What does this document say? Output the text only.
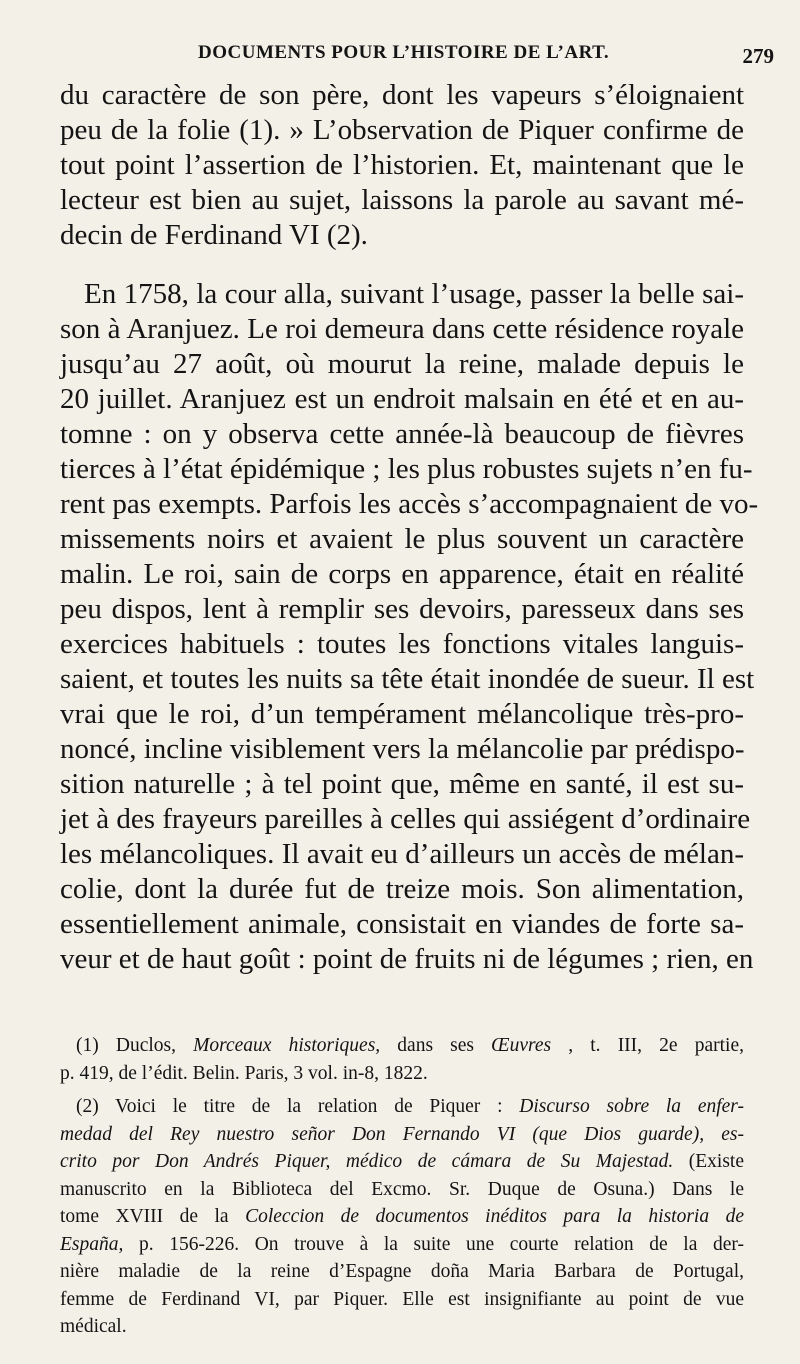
DOCUMENTS POUR L’HISTOIRE DE L’ART.	279
du caractère de son père, dont les vapeurs s’éloignaient
peu de la folie (1). » L’observation de Piquer confirme de
tout point l’assertion de l’historien. Et, maintenant que le
lecteur est bien au sujet, laissons la parole au savant mé-
decin de Ferdinand VI (2).
En 1758, la cour alla, suivant l’usage, passer la belle sai-
son à Aranjuez. Le roi demeura dans cette résidence royale
jusqu’au 27 août, où mourut la reine, malade depuis le
20 juillet. Aranjuez est un endroit malsain en été et en au-
tomne : on y observa cette année-là beaucoup de fièvres
tierces à l’état épidémique ; les plus robustes sujets n’en fu-
rent pas exempts. Parfois les accès s’accompagnaient de vo-
missements noirs et avaient le plus souvent un caractère
malin. Le roi, sain de corps en apparence, était en réalité
peu dispos, lent à remplir ses devoirs, paresseux dans ses
exercices habituels : toutes les fonctions vitales languis-
saient, et toutes les nuits sa tête était inondée de sueur. Il est
vrai que le roi, d’un tempérament mélancolique très-pro-
noncé, incline visiblement vers la mélancolie par prédispo-
sition naturelle ; à tel point que, même en santé, il est su-
jet à des frayeurs pareilles à celles qui assiégent d’ordinaire
les mélancoliques. Il avait eu d’ailleurs un accès de mélan-
colie, dont la durée fut de treize mois. Son alimentation,
essentiellement animale, consistait en viandes de forte sa-
veur et de haut goût : point de fruits ni de légumes ; rien, en
(1) Duclos, Morceaux historiques, dans ses Œuvres , t. III, 2e partie,
p. 419, de l’édit. Belin. Paris, 3 vol. in-8, 1822.
(2) Voici le titre de la relation de Piquer : Discurso sobre la enfer-
medad del Rey nuestro señor Don Fernando VI (que Dios guarde), es-
crito por Don Andrés Piquer, médico de cámara de Su Majestad. (Existe
manuscrito en la Biblioteca del Excmo. Sr. Duque de Osuna.) Dans le
tome XVIII de la Coleccion de documentos inéditos para la historia de
España, p. 156-226. On trouve à la suite une courte relation de la der-
nière maladie de la reine d’Espagne doña Maria Barbara de Portugal,
femme de Ferdinand VI, par Piquer. Elle est insignifiante au point de vue
médical.
